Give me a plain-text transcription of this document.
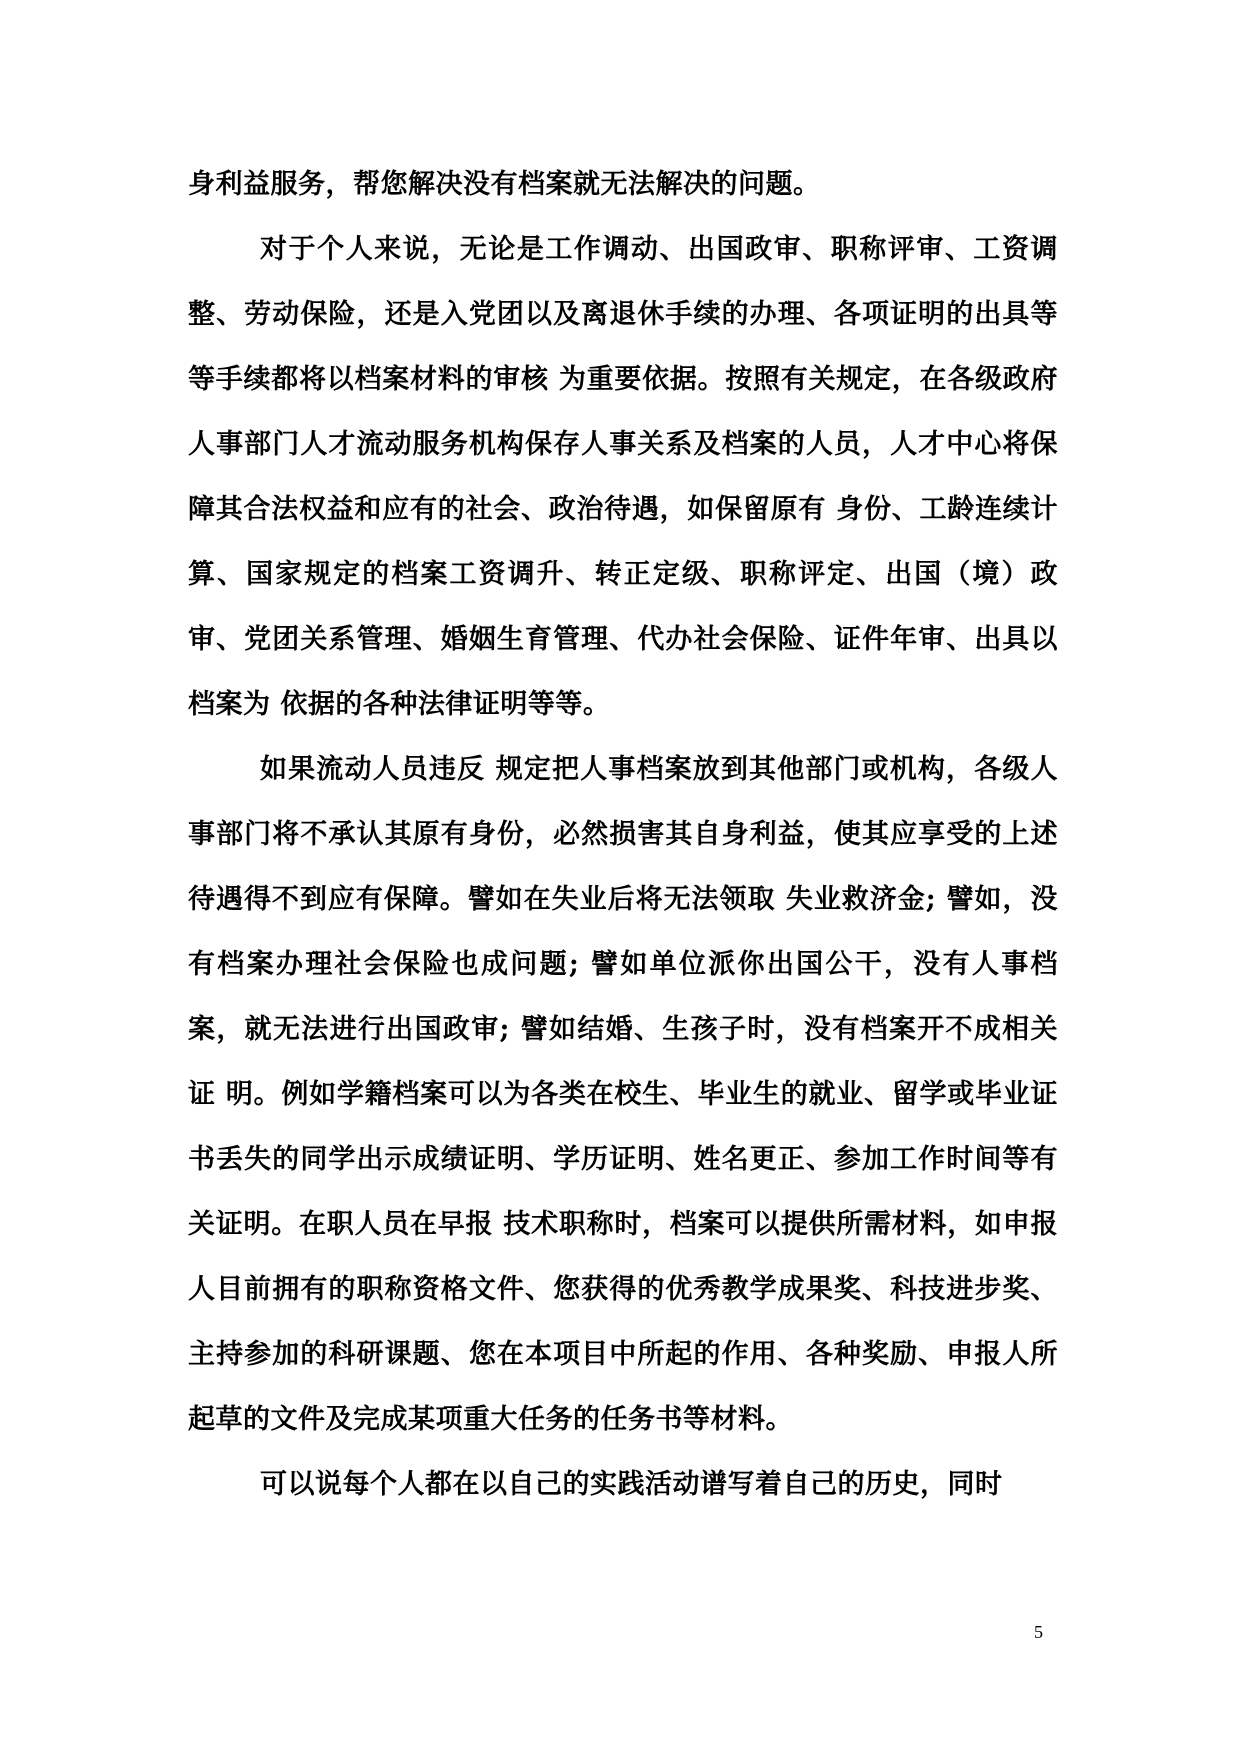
身利益服务，帮您解决没有档案就无法解决的问题。

对于个人来说，无论是工作调动、出国政审、职称评审、工资调整、劳动保险，还是入党团以及离退休手续的办理、各项证明的出具等等手续都将以档案材料的审核 为重要依据。按照有关规定，在各级政府人事部门人才流动服务机构保存人事关系及档案的人员，人才中心将保障其合法权益和应有的社会、政治待遇，如保留原有 身份、工龄连续计算、国家规定的档案工资调升、转正定级、职称评定、出国（境）政审、党团关系管理、婚姻生育管理、代办社会保险、证件年审、出具以档案为 依据的各种法律证明等等。

如果流动人员违反 规定把人事档案放到其他部门或机构，各级人事部门将不承认其原有身份，必然损害其自身利益，使其应享受的上述待遇得不到应有保障。譬如在失业后将无法领取 失业救济金; 譬如，没有档案办理社会保险也成问题; 譬如单位派你出国公干，没有人事档案，就无法进行出国政审; 譬如结婚、生孩子时，没有档案开不成相关证 明。例如学籍档案可以为各类在校生、毕业生的就业、留学或毕业证书丢失的同学出示成绩证明、学历证明、姓名更正、参加工作时间等有关证明。在职人员在早报 技术职称时，档案可以提供所需材料，如申报人目前拥有的职称资格文件、您获得的优秀教学成果奖、科技进步奖、主持参加的科研课题、您在本项目中所起的作用、各种奖励、申报人所起草的文件及完成某项重大任务的任务书等材料。

可以说每个人都在以自己的实践活动谱写着自己的历史，同时

5
